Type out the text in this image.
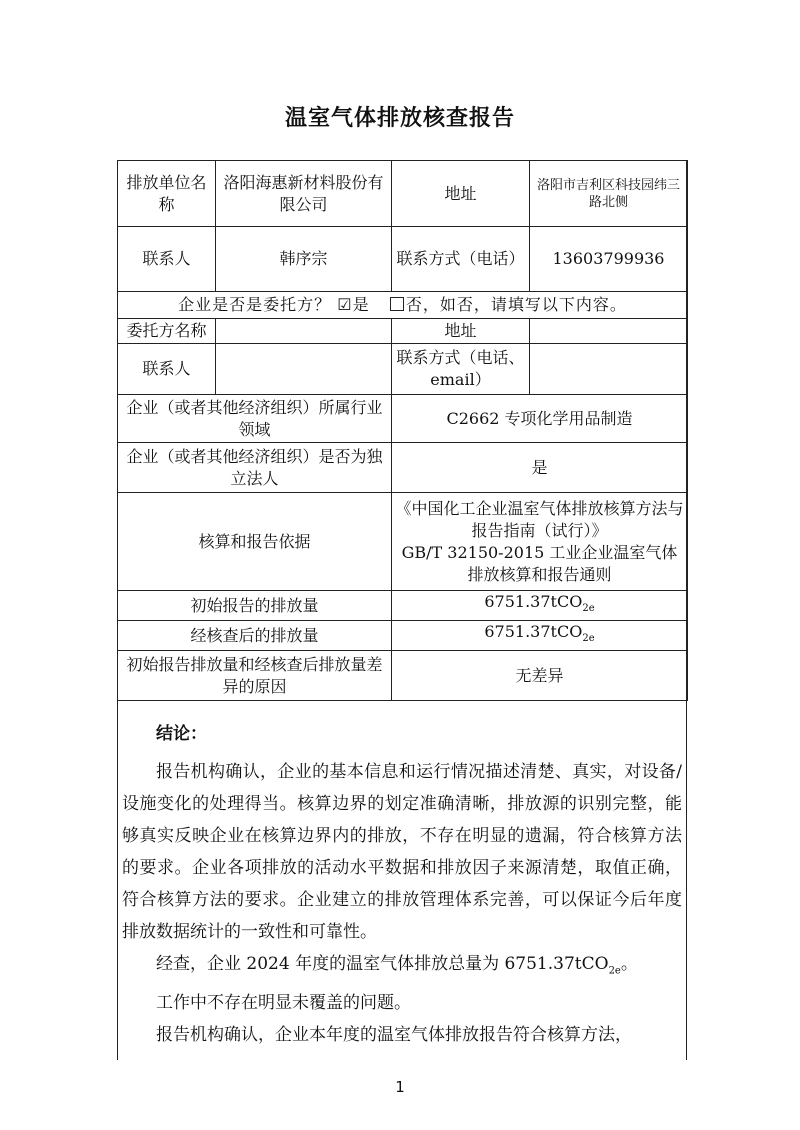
温室气体排放核查报告
排放单位名称	洛阳海惠新材料股份有限公司	地址	洛阳市吉利区科技园纬三路北侧
联系人	韩序宗	联系方式（电话）	13603799936
企业是否是委托方？ ☑是 否，如否，请填写以下内容。			
委托方名称		地址	
联系人		联系方式（电话、email）	
企业（或者其他经济组织）所属行业领域		C2662 专项化学用品制造	
企业（或者其他经济组织）是否为独立法人		是	
核算和报告依据		《中国化工企业温室气体排放核算方法与报告指南（试行）》
GB/T 32150-2015 工业企业温室气体排放核算和报告通则	

初始报告的排放量		6751.37tCO$_{2e}$
经核查后的排放量		6751.37tCO$_{2e}$
初始报告排放量和经核查后排放量差异的原因		无差异	
结论：

报告机构确认，企业的基本信息和运行情况描述清楚、真实，对设备/设施变化的处理得当。核算边界的划定准确清晰，排放源的识别完整，能够真实反映企业在核算边界内的排放，不存在明显的遗漏，符合核算方法的要求。企业各项排放的活动水平数据和排放因子来源清楚，取值正确，符合核算方法的要求。企业建立的排放管理体系完善，可以保证今后年度排放数据统计的一致性和可靠性。

经查，企业 2024 年度的温室气体排放总量为 6751.37tCO$_{2e}$。

工作中不存在明显未覆盖的问题。

报告机构确认，企业本年度的温室气体排放报告符合核算方法，

1
